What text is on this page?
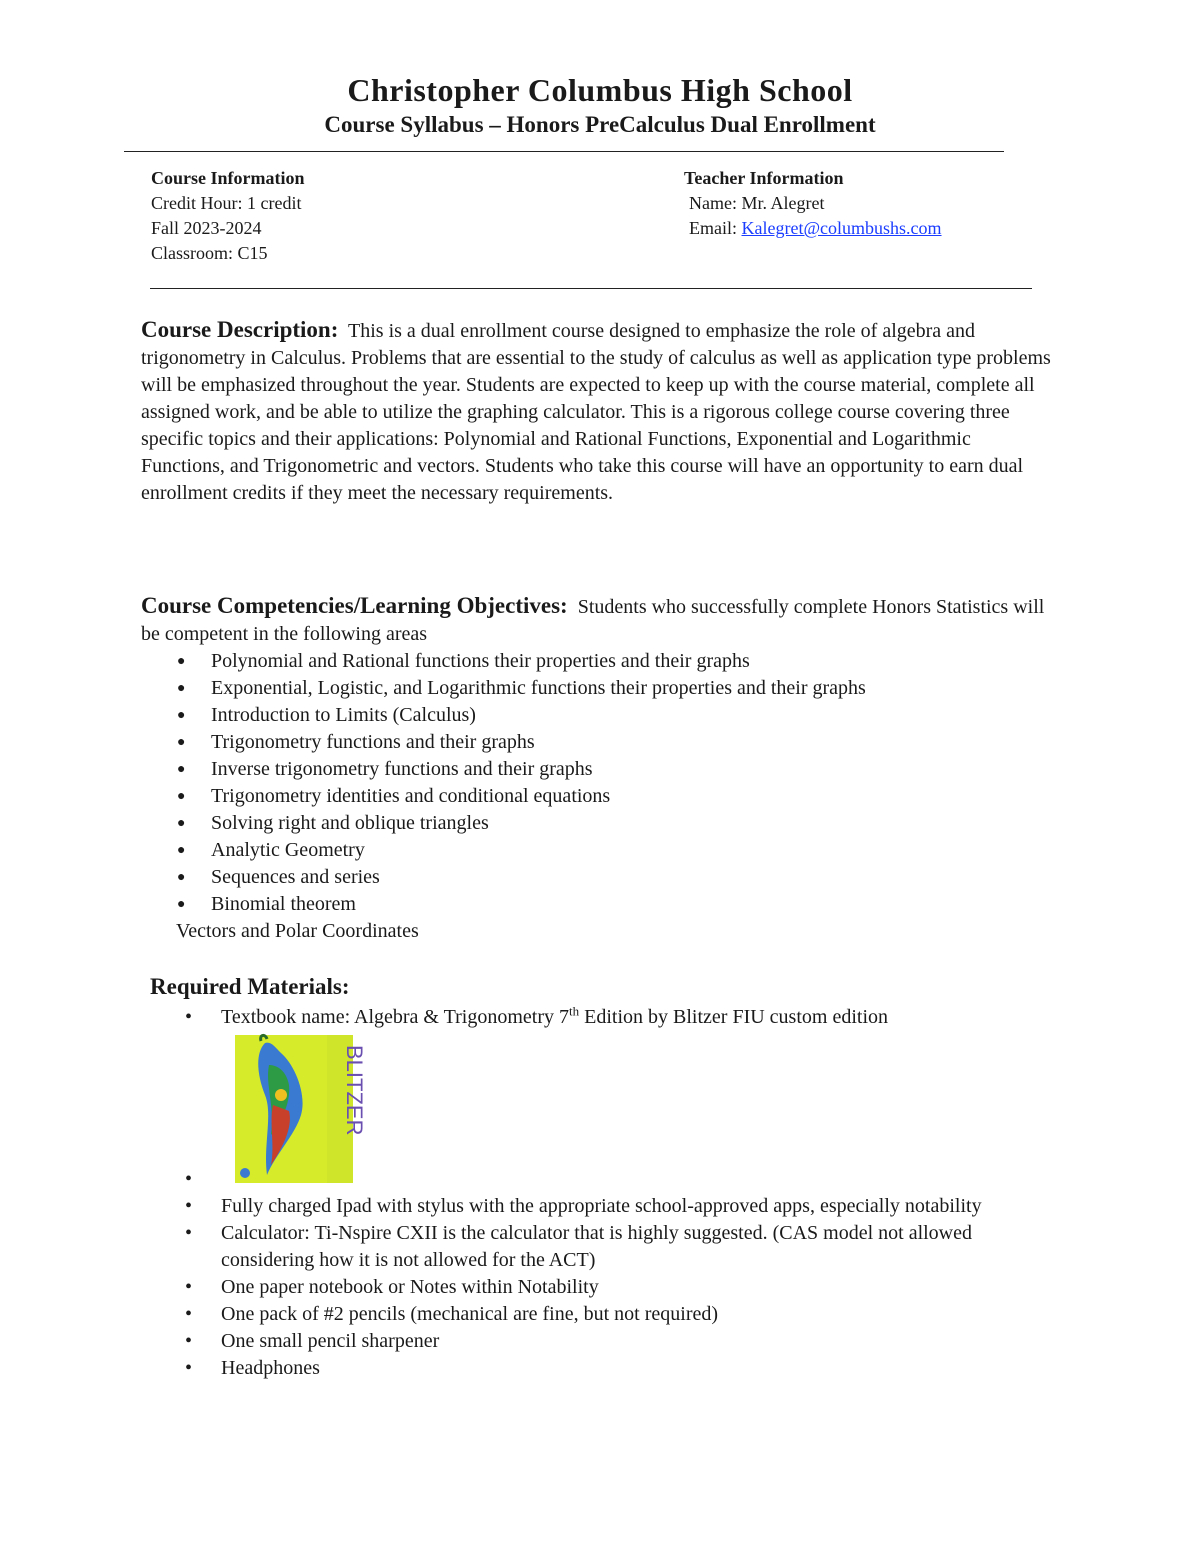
Christopher Columbus High School
Course Syllabus – Honors PreCalculus Dual Enrollment
Course Information
Credit Hour: 1 credit
Fall 2023-2024
Classroom: C15
Teacher Information
Name: Mr. Alegret
Email: Kalegret@columbushs.com
Course Description: This is a dual enrollment course designed to emphasize the role of algebra and trigonometry in Calculus. Problems that are essential to the study of calculus as well as application type problems will be emphasized throughout the year. Students are expected to keep up with the course material, complete all assigned work, and be able to utilize the graphing calculator. This is a rigorous college course covering three specific topics and their applications: Polynomial and Rational Functions, Exponential and Logarithmic Functions, and Trigonometric and vectors. Students who take this course will have an opportunity to earn dual enrollment credits if they meet the necessary requirements.
Course Competencies/Learning Objectives: Students who successfully complete Honors Statistics will be competent in the following areas
● Polynomial and Rational functions their properties and their graphs
● Exponential, Logistic, and Logarithmic functions their properties and their graphs
● Introduction to Limits (Calculus)
● Trigonometry functions and their graphs
● Inverse trigonometry functions and their graphs
● Trigonometry identities and conditional equations
● Solving right and oblique triangles
● Analytic Geometry
● Sequences and series
● Binomial theorem
Vectors and Polar Coordinates
Required Materials:
• Textbook name: Algebra & Trigonometry 7th Edition by Blitzer FIU custom edition
BLITZER
•
• Fully charged Ipad with stylus with the appropriate school-approved apps, especially notability
• Calculator: Ti-Nspire CXII is the calculator that is highly suggested. (CAS model not allowed considering how it is not allowed for the ACT)
• One paper notebook or Notes within Notability
• One pack of #2 pencils (mechanical are fine, but not required)
• One small pencil sharpener
• Headphones
